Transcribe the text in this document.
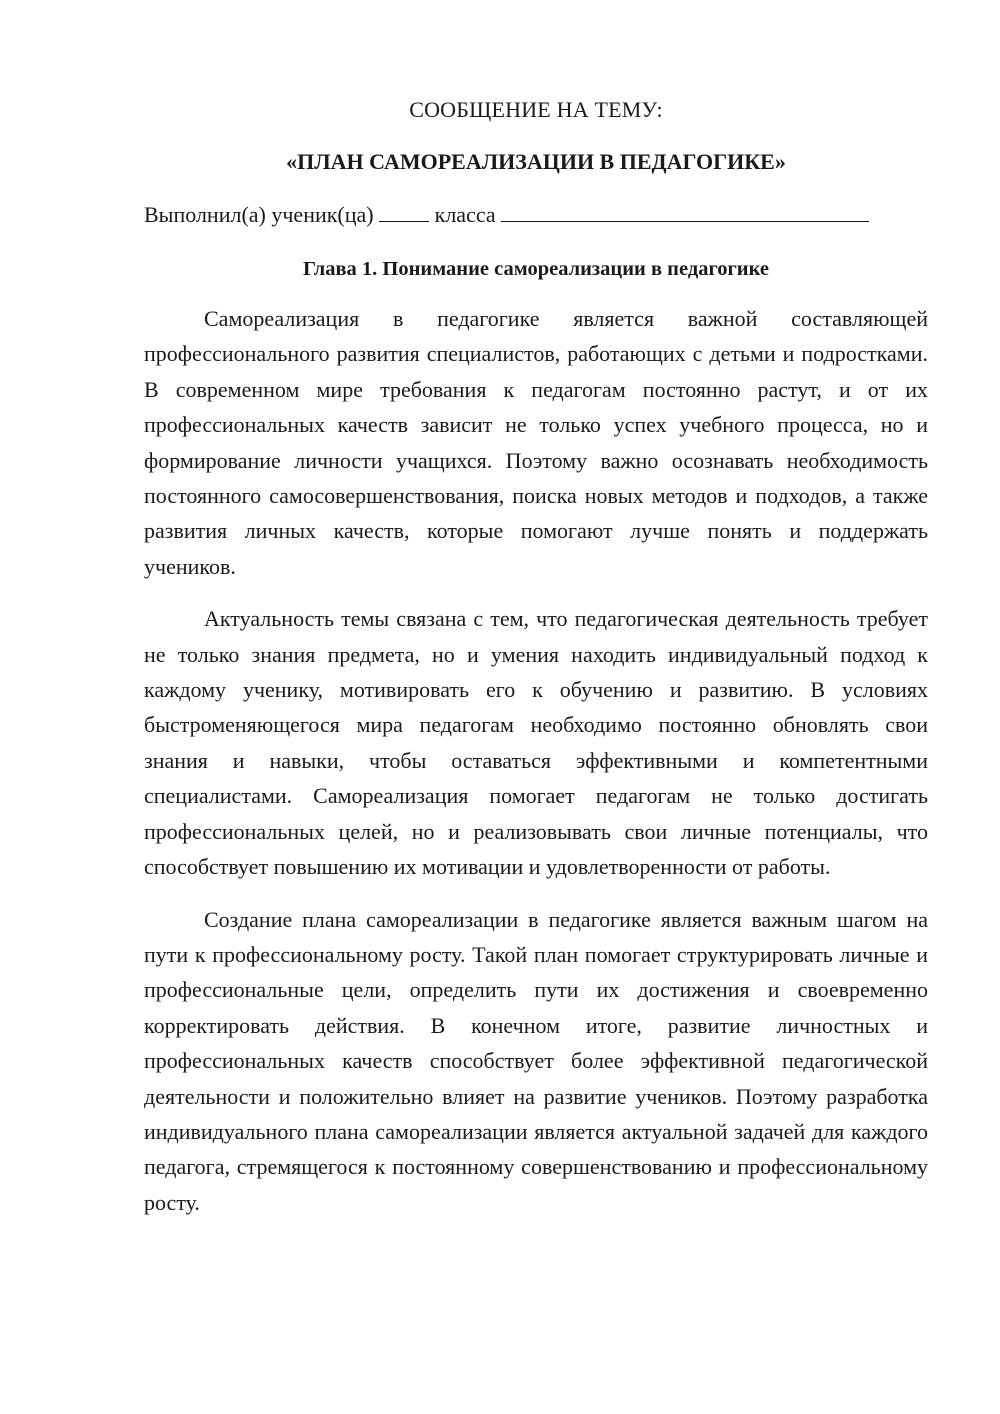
СООБЩЕНИЕ НА ТЕМУ:

«ПЛАН САМОРЕАЛИЗАЦИИ В ПЕДАГОГИКЕ»

Выполнил(а) ученик(ца)	класса

Глава 1. Понимание самореализации в педагогике

Самореализация в педагогике является важной составляющей профессионального развития специалистов, работающих с детьми и подростками. В современном мире требования к педагогам постоянно растут, и от их профессиональных качеств зависит не только успех учебного процесса, но и формирование личности учащихся. Поэтому важно осознавать необходимость постоянного самосовершенствования, поиска новых методов и подходов, а также развития личных качеств, которые помогают лучше понять и поддержать учеников.

Актуальность темы связана с тем, что педагогическая деятельность требует не только знания предмета, но и умения находить индивидуальный подход к каждому ученику, мотивировать его к обучению и развитию. В условиях быстроменяющегося мира педагогам необходимо постоянно обновлять свои знания и навыки, чтобы оставаться эффективными и компетентными специалистами. Самореализация помогает педагогам не только достигать профессиональных целей, но и реализовывать свои личные потенциалы, что способствует повышению их мотивации и удовлетворенности от работы.

Создание плана самореализации в педагогике является важным шагом на пути к профессиональному росту. Такой план помогает структурировать личные и профессиональные цели, определить пути их достижения и своевременно корректировать действия. В конечном итоге, развитие личностных и профессиональных качеств способствует более эффективной педагогической деятельности и положительно влияет на развитие учеников. Поэтому разработка индивидуального плана самореализации является актуальной задачей для каждого педагога, стремящегося к постоянному совершенствованию и профессиональному росту.
